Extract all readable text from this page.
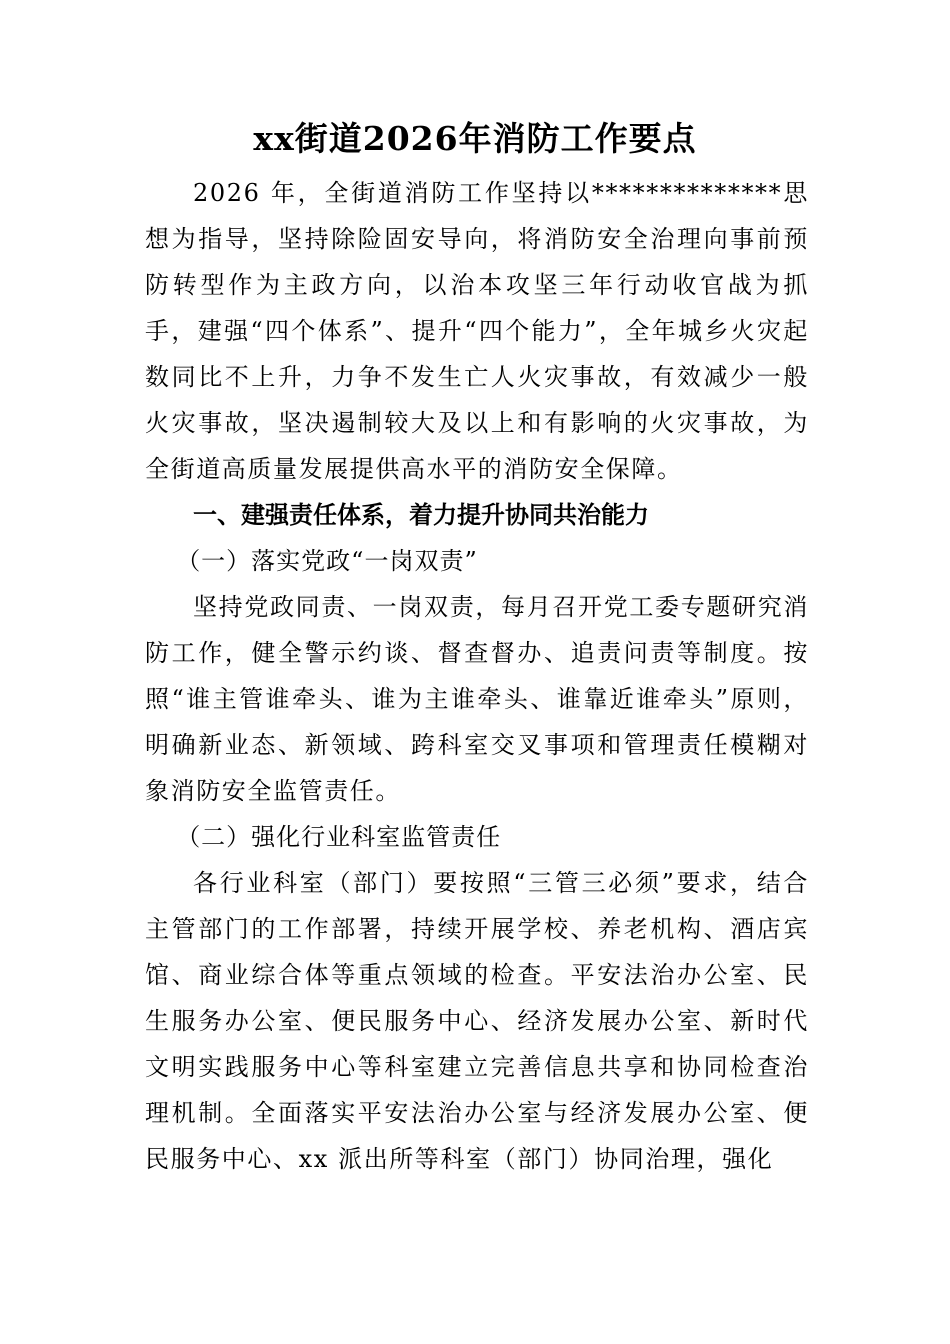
xx街道2026年消防工作要点

2026 年，全街道消防工作坚持以**************思想为指导，坚持除险固安导向，将消防安全治理向事前预防转型作为主政方向，以治本攻坚三年行动收官战为抓手，建强“四个体系”、提升“四个能力”，全年城乡火灾起数同比不上升，力争不发生亡人火灾事故，有效减少一般火灾事故，坚决遏制较大及以上和有影响的火灾事故，为全街道高质量发展提供高水平的消防安全保障。

一、建强责任体系，着力提升协同共治能力

（一）落实党政“一岗双责”

坚持党政同责、一岗双责，每月召开党工委专题研究消防工作，健全警示约谈、督查督办、追责问责等制度。按照“谁主管谁牵头、谁为主谁牵头、谁靠近谁牵头”原则，明确新业态、新领域、跨科室交叉事项和管理责任模糊对象消防安全监管责任。

（二）强化行业科室监管责任

各行业科室（部门）要按照“三管三必须”要求，结合主管部门的工作部署，持续开展学校、养老机构、酒店宾馆、商业综合体等重点领域的检查。平安法治办公室、民生服务办公室、便民服务中心、经济发展办公室、新时代文明实践服务中心等科室建立完善信息共享和协同检查治理机制。全面落实平安法治办公室与经济发展办公室、便民服务中心、xx 派出所等科室（部门）协同治理，强化
